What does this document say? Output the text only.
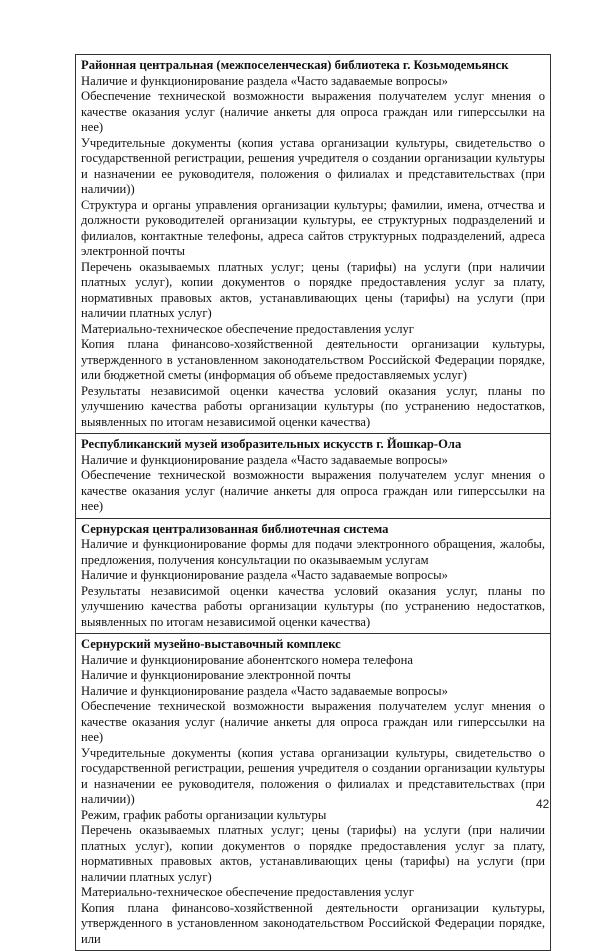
Районная центральная (межпоселенческая) библиотека г. Козьмодемьянск

Наличие и функционирование раздела «Часто задаваемые вопросы»

Обеспечение технической возможности выражения получателем услуг мнения о качестве оказания услуг (наличие анкеты для опроса граждан или гиперссылки на нее)

Учредительные документы (копия устава организации культуры, свидетельство о государственной регистрации, решения учредителя о создании организации культуры и назначении ее руководителя, положения о филиалах и представительствах (при наличии))

Структура и органы управления организации культуры; фамилии, имена, отчества и должности руководителей организации культуры, ее структурных подразделений и филиалов, контактные телефоны, адреса сайтов структурных подразделений, адреса электронной почты

Перечень оказываемых платных услуг; цены (тарифы) на услуги (при наличии платных услуг), копии документов о порядке предоставления услуг за плату, нормативных правовых актов, устанавливающих цены (тарифы) на услуги (при наличии платных услуг)

Материально-техническое обеспечение предоставления услуг

Копия плана финансово-хозяйственной деятельности организации культуры, утвержденного в установленном законодательством Российской Федерации порядке, или бюджетной сметы (информация об объеме предоставляемых услуг)

Результаты независимой оценки качества условий оказания услуг, планы по улучшению качества работы организации культуры (по устранению недостатков, выявленных по итогам независимой оценки качества)

Республиканский музей изобразительных искусств г. Йошкар-Ола

Наличие и функционирование раздела «Часто задаваемые вопросы»

Обеспечение технической возможности выражения получателем услуг мнения о качестве оказания услуг (наличие анкеты для опроса граждан или гиперссылки на нее)

Сернурская централизованная библиотечная система

Наличие и функционирование формы для подачи электронного обращения, жалобы, предложения, получения консультации по оказываемым услугам

Наличие и функционирование раздела «Часто задаваемые вопросы»

Результаты независимой оценки качества условий оказания услуг, планы по улучшению качества работы организации культуры (по устранению недостатков, выявленных по итогам независимой оценки качества)

Сернурский музейно-выставочный комплекс

Наличие и функционирование абонентского номера телефона

Наличие и функционирование электронной почты

Наличие и функционирование раздела «Часто задаваемые вопросы»

Обеспечение технической возможности выражения получателем услуг мнения о качестве оказания услуг (наличие анкеты для опроса граждан или гиперссылки на нее)

Учредительные документы (копия устава организации культуры, свидетельство о государственной регистрации, решения учредителя о создании организации культуры и назначении ее руководителя, положения о филиалах и представительствах (при наличии))

Режим, график работы организации культуры

Перечень оказываемых платных услуг; цены (тарифы) на услуги (при наличии платных услуг), копии документов о порядке предоставления услуг за плату, нормативных правовых актов, устанавливающих цены (тарифы) на услуги (при наличии платных услуг)

Материально-техническое обеспечение предоставления услуг

Копия плана финансово-хозяйственной деятельности организации культуры, утвержденного в установленном законодательством Российской Федерации порядке, или

42
